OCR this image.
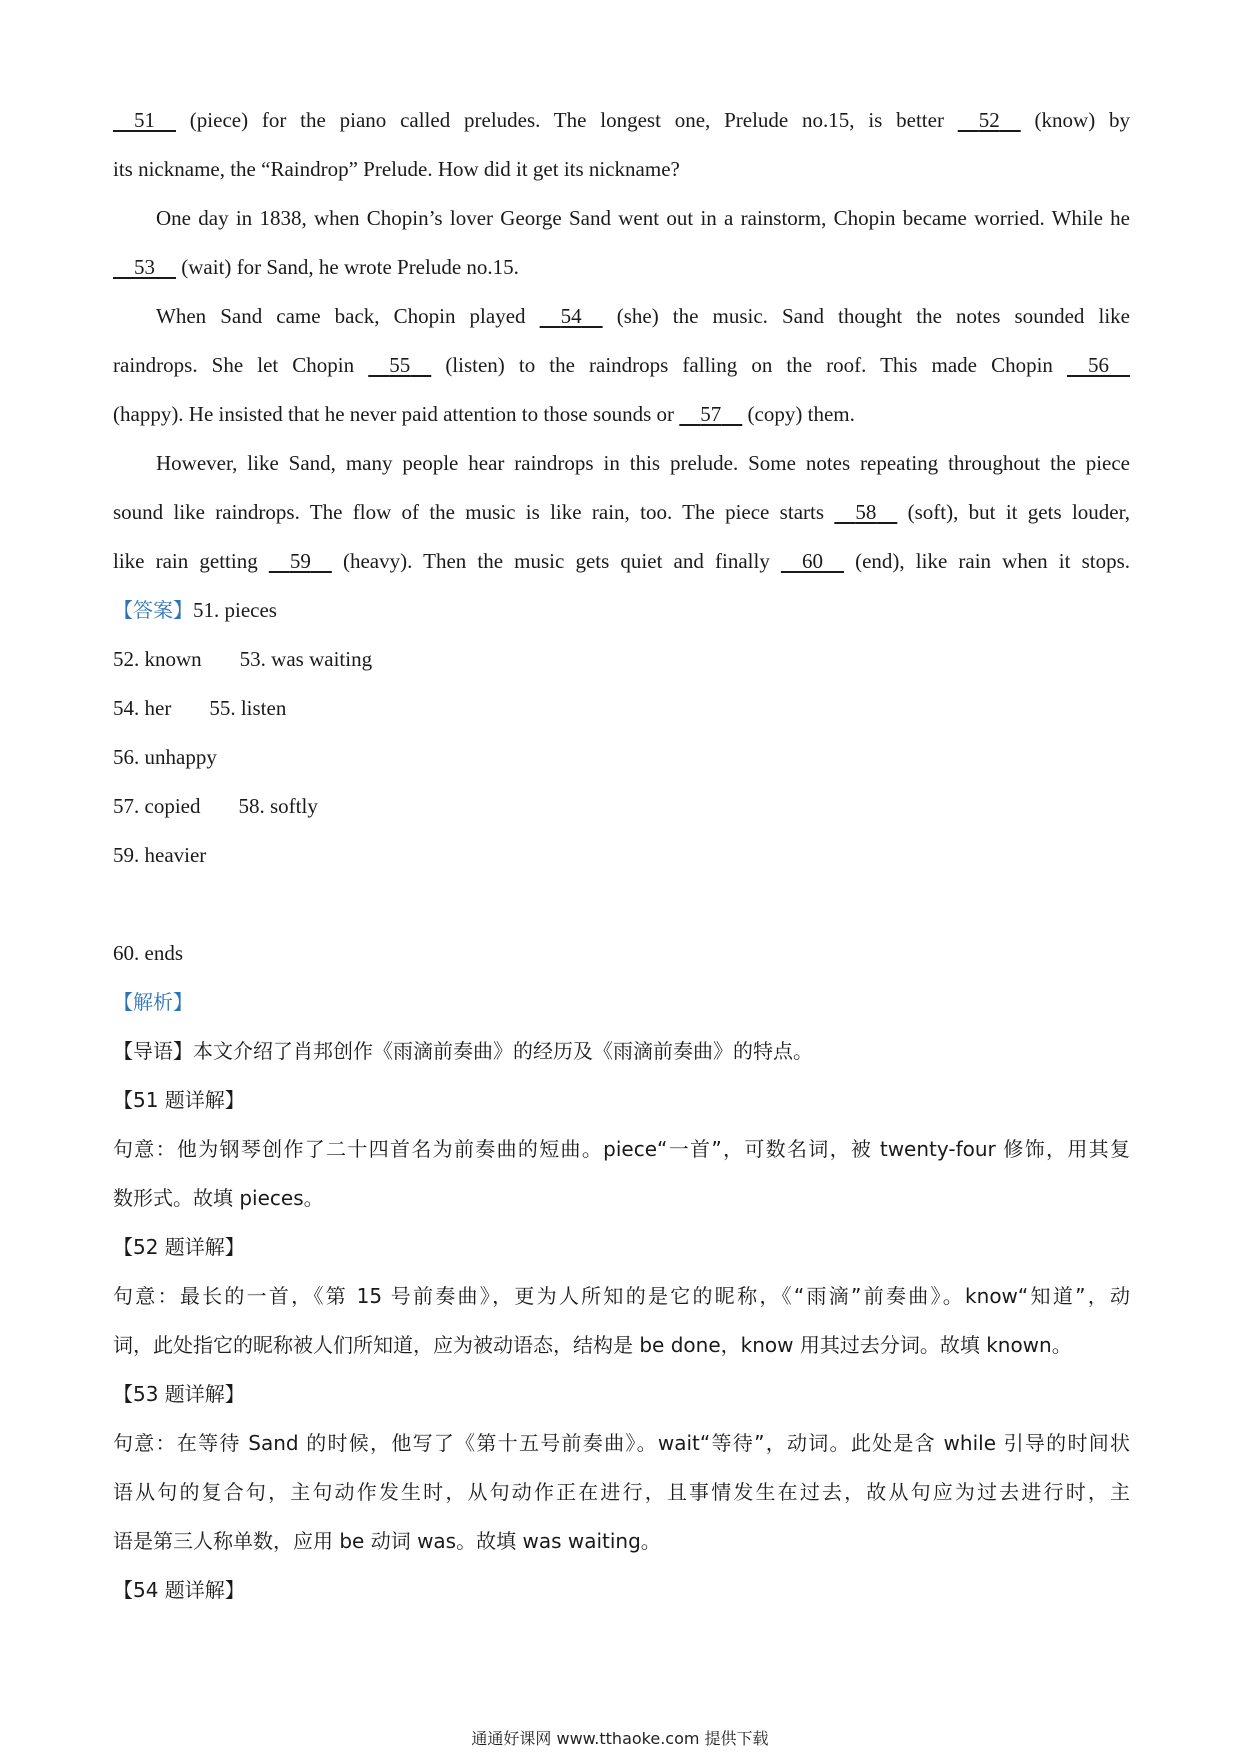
51     (piece) for the piano called preludes. The longest one, Prelude no.15, is better     52     (know) by
its nickname, the “Raindrop” Prelude. How did it get its nickname?
One day in 1838, when Chopin’s lover George Sand went out in a rainstorm, Chopin became worried. While he
53     (wait) for Sand, he wrote Prelude no.15.
When Sand came back, Chopin played     54     (she) the music. Sand thought the notes sounded like
raindrops. She let Chopin     55     (listen) to the raindrops falling on the roof. This made Chopin     56
(happy). He insisted that he never paid attention to those sounds or     57     (copy) them.
However, like Sand, many people hear raindrops in this prelude. Some notes repeating throughout the piece
sound like raindrops. The flow of the music is like rain, too. The piece starts     58     (soft), but it gets louder,
like rain getting     59     (heavy). Then the music gets quiet and finally     60     (end), like rain when it stops.
【答案】51. pieces
52. known 53. was waiting
54. her 55. listen
56. unhappy
57. copied 58. softly
59. heavier
60. ends
【解析】
【导语】本文介绍了肖邦创作《雨滴前奏曲》的经历及《雨滴前奏曲》的特点。
【51 题详解】
句意：他为钢琴创作了二十四首名为前奏曲的短曲。piece“一首”，可数名词，被 twenty-four 修饰，用其复
数形式。故填 pieces。
【52 题详解】
句意：最长的一首，《第 15 号前奏曲》，更为人所知的是它的昵称，《“雨滴”前奏曲》。know“知道”，动
词，此处指它的昵称被人们所知道，应为被动语态，结构是 be done，know 用其过去分词。故填 known。
【53 题详解】
句意：在等待 Sand 的时候，他写了《第十五号前奏曲》。wait“等待”，动词。此处是含 while 引导的时间状
语从句的复合句，主句动作发生时，从句动作正在进行，且事情发生在过去，故从句应为过去进行时，主
语是第三人称单数，应用 be 动词 was。故填 was waiting。
【54 题详解】
通通好课网 www.tthaoke.com 提供下载
